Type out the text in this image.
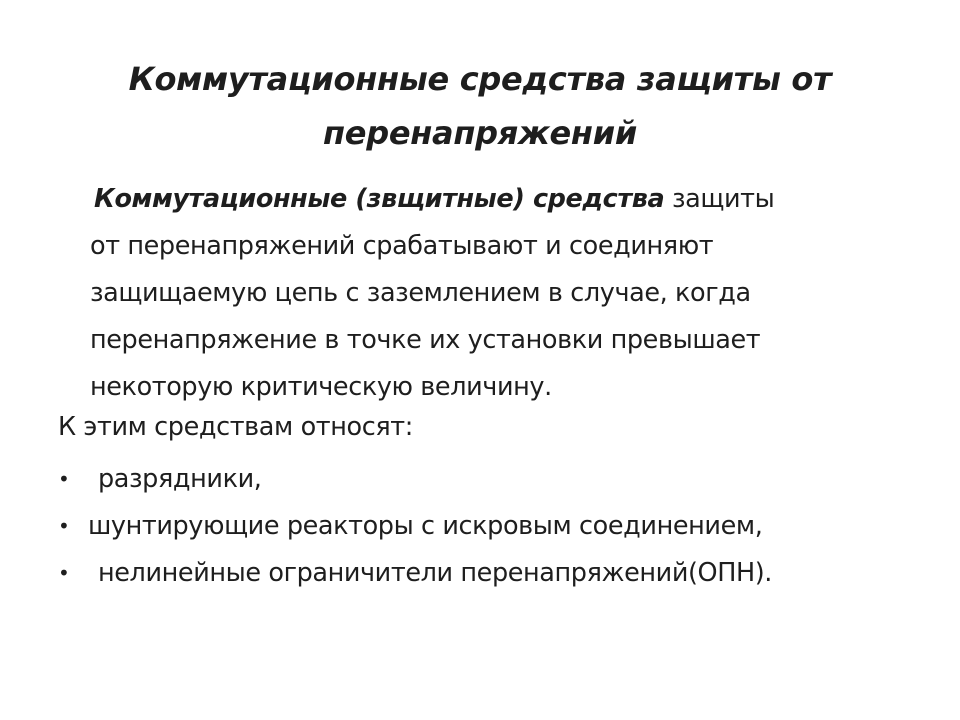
Коммутационные средства защиты от
перенапряжений

Коммутационные (звщитные) средства защиты
от перенапряжений срабатывают и соединяют
защищаемую цепь с заземлением в случае, когда
перенапряжение в точке их установки превышает
некоторую критическую величину.

К этим средствам относят:

• разрядники,
• шунтирующие реакторы с искровым соединением,
• нелинейные ограничители перенапряжений(ОПН).
